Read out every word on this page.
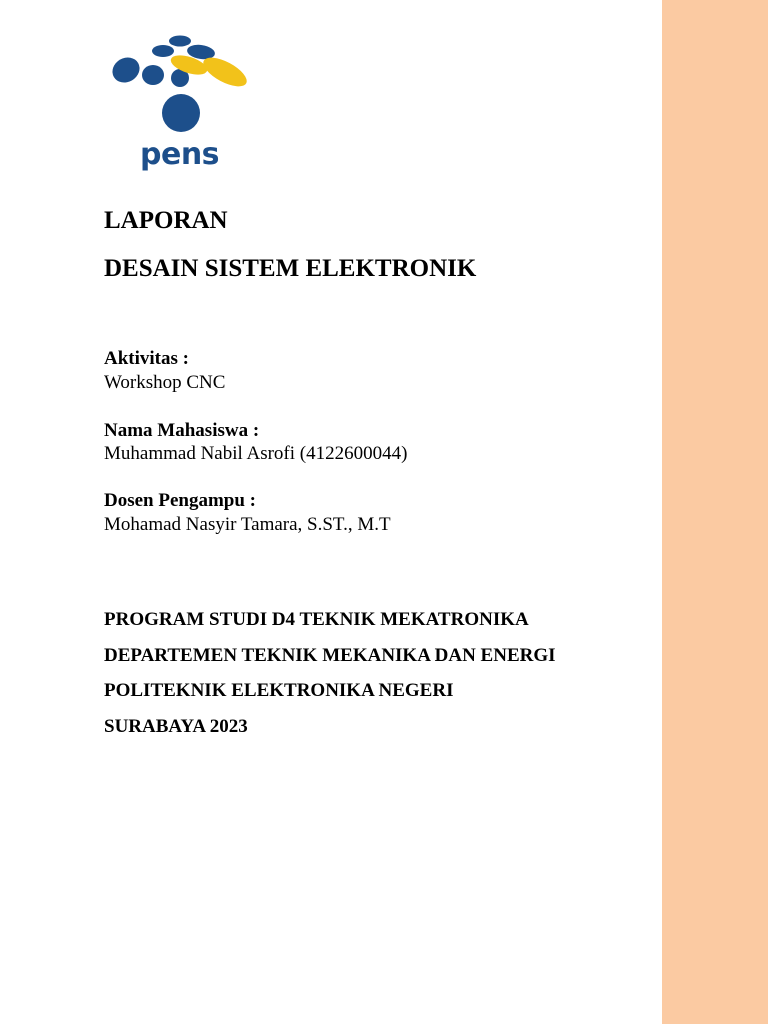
pens
LAPORAN
DESAIN SISTEM ELEKTRONIK
Aktivitas :
Workshop CNC
Nama Mahasiswa :
Muhammad Nabil Asrofi (4122600044)
Dosen Pengampu :
Mohamad Nasyir Tamara, S.ST., M.T
PROGRAM STUDI D4 TEKNIK MEKATRONIKA
DEPARTEMEN TEKNIK MEKANIKA DAN ENERGI
POLITEKNIK ELEKTRONIKA NEGERI
SURABAYA 2023
